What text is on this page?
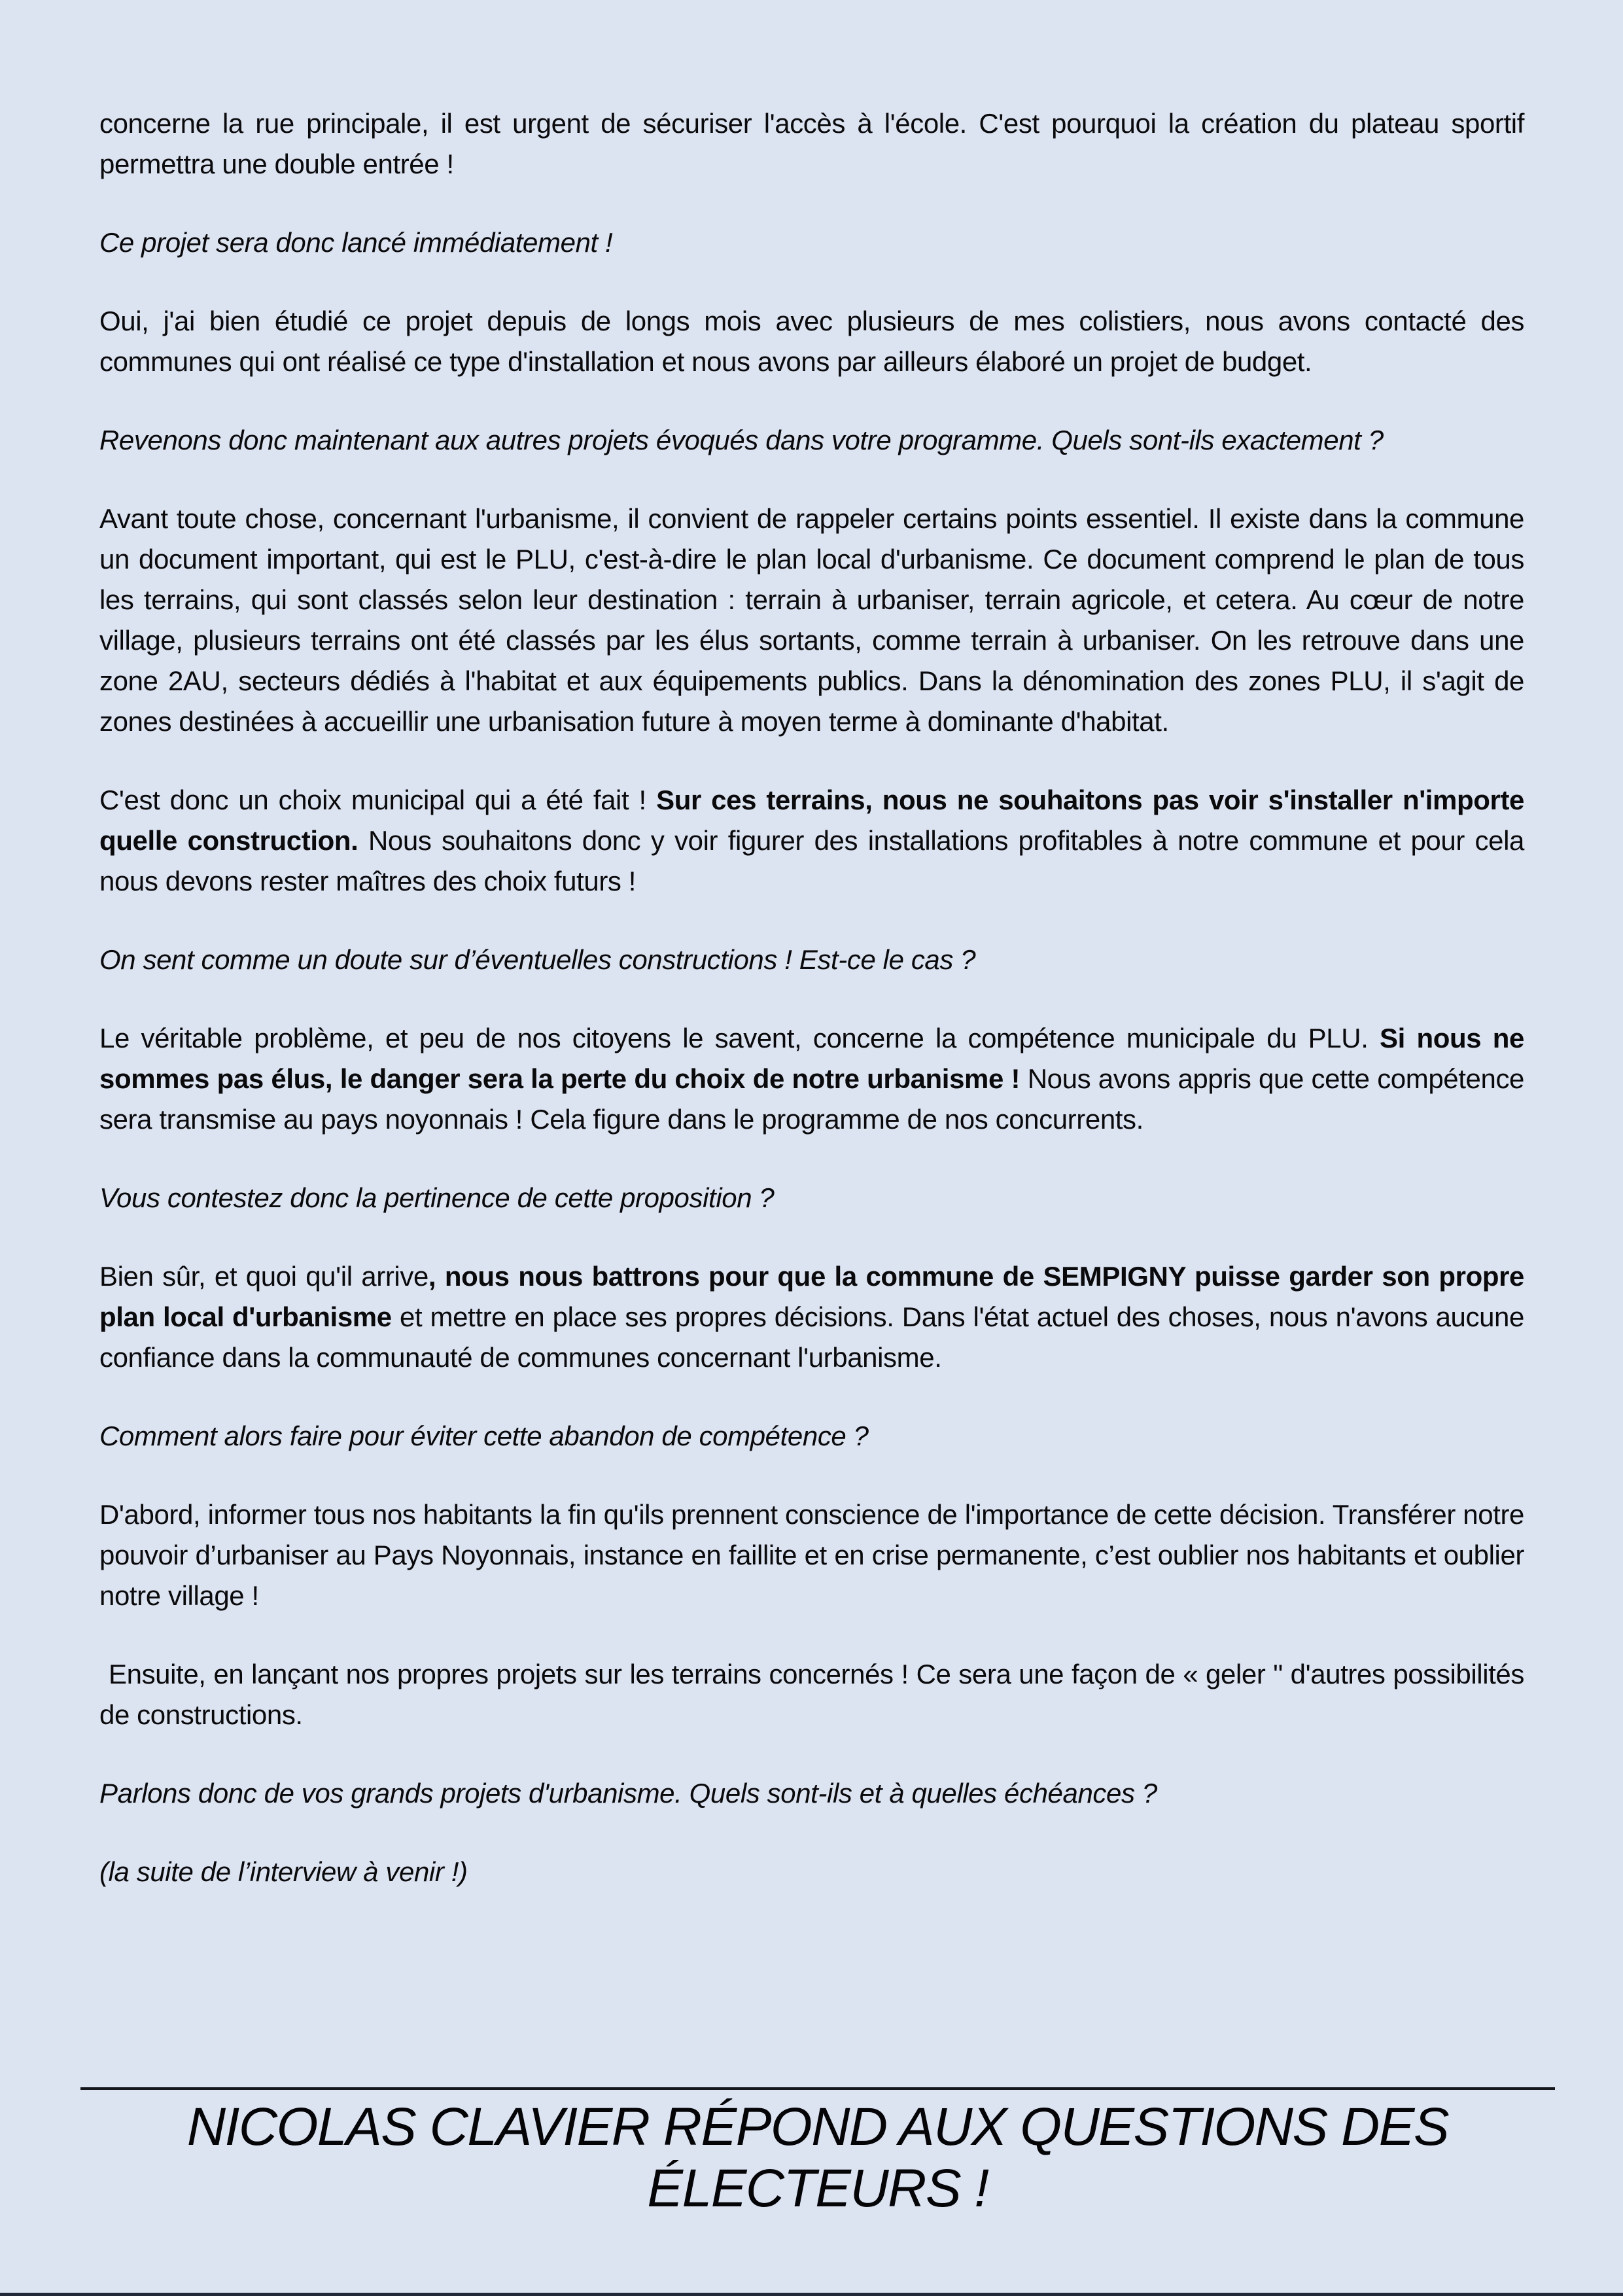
concerne la rue principale, il est urgent de sécuriser l'accès à l'école. C'est pourquoi la création du plateau sportif permettra une double entrée !

Ce projet sera donc lancé immédiatement !

Oui, j'ai bien étudié ce projet depuis de longs mois avec plusieurs de mes colistiers, nous avons contacté des communes qui ont réalisé ce type d'installation et nous avons par ailleurs élaboré un projet de budget.

Revenons donc maintenant aux autres projets évoqués dans votre programme. Quels sont-ils exactement ?

Avant toute chose, concernant l'urbanisme, il convient de rappeler certains points essentiel. Il existe dans la commune un document important, qui est le PLU, c'est-à-dire le plan local d'urbanisme. Ce document comprend le plan de tous les terrains, qui sont classés selon leur destination : terrain à urbaniser, terrain agricole, et cetera. Au cœur de notre village, plusieurs terrains ont été classés par les élus sortants, comme terrain à urbaniser. On les retrouve dans une zone 2AU, secteurs dédiés à l'habitat et aux équipements publics. Dans la dénomination des zones PLU, il s'agit de zones destinées à accueillir une urbanisation future à moyen terme à dominante d'habitat.

C'est donc un choix municipal qui a été fait ! Sur ces terrains, nous ne souhaitons pas voir s'installer n'importe quelle construction. Nous souhaitons donc y voir figurer des installations profitables à notre commune et pour cela nous devons rester maîtres des choix futurs !

On sent comme un doute sur d’éventuelles constructions ! Est-ce le cas ?

Le véritable problème, et peu de nos citoyens le savent, concerne la compétence municipale du PLU. Si nous ne sommes pas élus, le danger sera la perte du choix de notre urbanisme ! Nous avons appris que cette compétence sera transmise au pays noyonnais ! Cela figure dans le programme de nos concurrents.

Vous contestez donc la pertinence de cette proposition ?

Bien sûr, et quoi qu'il arrive, nous nous battrons pour que la commune de SEMPIGNY puisse garder son propre plan local d'urbanisme et mettre en place ses propres décisions. Dans l'état actuel des choses, nous n'avons aucune confiance dans la communauté de communes concernant l'urbanisme.

Comment alors faire pour éviter cette abandon de compétence ?

D'abord, informer tous nos habitants la fin qu'ils prennent conscience de l'importance de cette décision. Transférer notre pouvoir d’urbaniser au Pays Noyonnais, instance en faillite et en crise permanente, c’est oublier nos habitants et oublier notre village !

Ensuite, en lançant nos propres projets sur les terrains concernés ! Ce sera une façon de « geler " d'autres possibilités de constructions.

Parlons donc de vos grands projets d'urbanisme. Quels sont-ils et à quelles échéances ?

(la suite de l’interview à venir !)

NICOLAS CLAVIER RÉPOND AUX QUESTIONS DES ÉLECTEURS !
